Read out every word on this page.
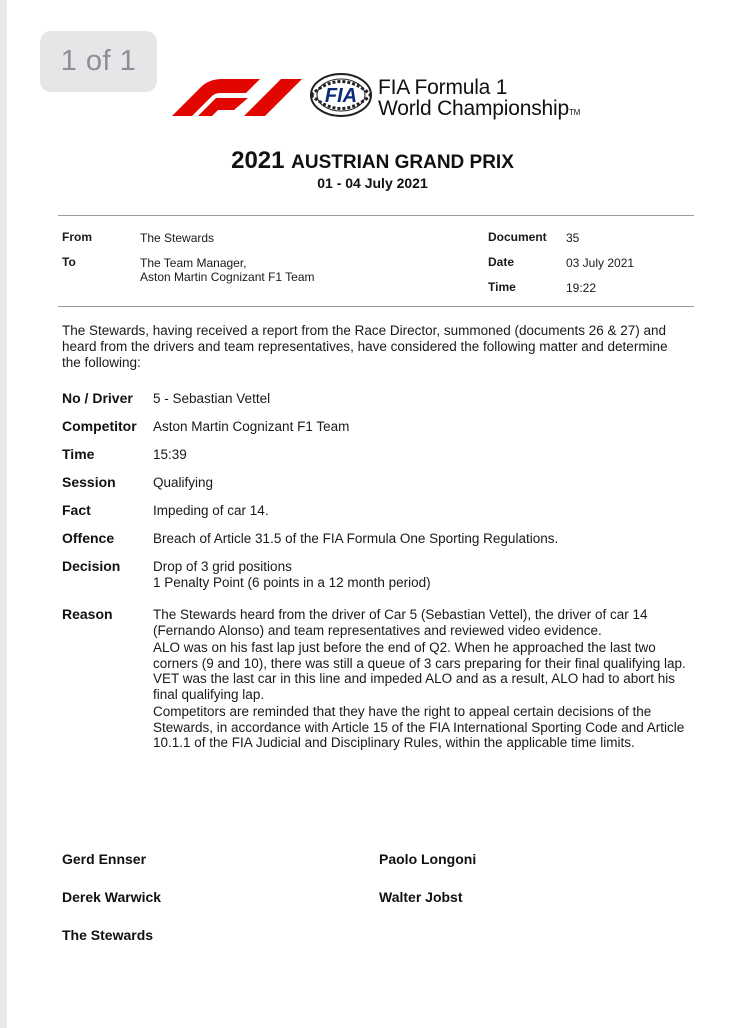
1 of 1
FIA FIA Formula 1
World ChampionshipTM
2021 AUSTRIAN GRAND PRIX
01 - 04 July 2021
From	The Stewards
To	The Team Manager,
Aston Martin Cognizant F1 Team
Document 35
Date	03 July 2021
Time	19:22
The Stewards, having received a report from the Race Director, summoned (documents 26 & 27) and heard from the drivers and team representatives, have considered the following matter and determine the following:
No / Driver 5 - Sebastian Vettel
Competitor Aston Martin Cognizant F1 Team
Time	15:39
Session	Qualifying
Fact	Impeding of car 14.
Offence	Breach of Article 31.5 of the FIA Formula One Sporting Regulations.
Decision Drop of 3 grid positions
1 Penalty Point (6 points in a 12 month period)
Reason	The Stewards heard from the driver of Car 5 (Sebastian Vettel), the driver of car 14 (Fernando Alonso) and team representatives and reviewed video evidence.

ALO was on his fast lap just before the end of Q2. When he approached the last two corners (9 and 10), there was still a queue of 3 cars preparing for their final qualifying lap. VET was the last car in this line and impeded ALO and as a result, ALO had to abort his final qualifying lap.

Competitors are reminded that they have the right to appeal certain decisions of the Stewards, in accordance with Article 15 of the FIA International Sporting Code and Article 10.1.1 of the FIA Judicial and Disciplinary Rules, within the applicable time limits.

Gerd Ennser	Paolo Longoni
Derek Warwick	Walter Jobst
The Stewards
